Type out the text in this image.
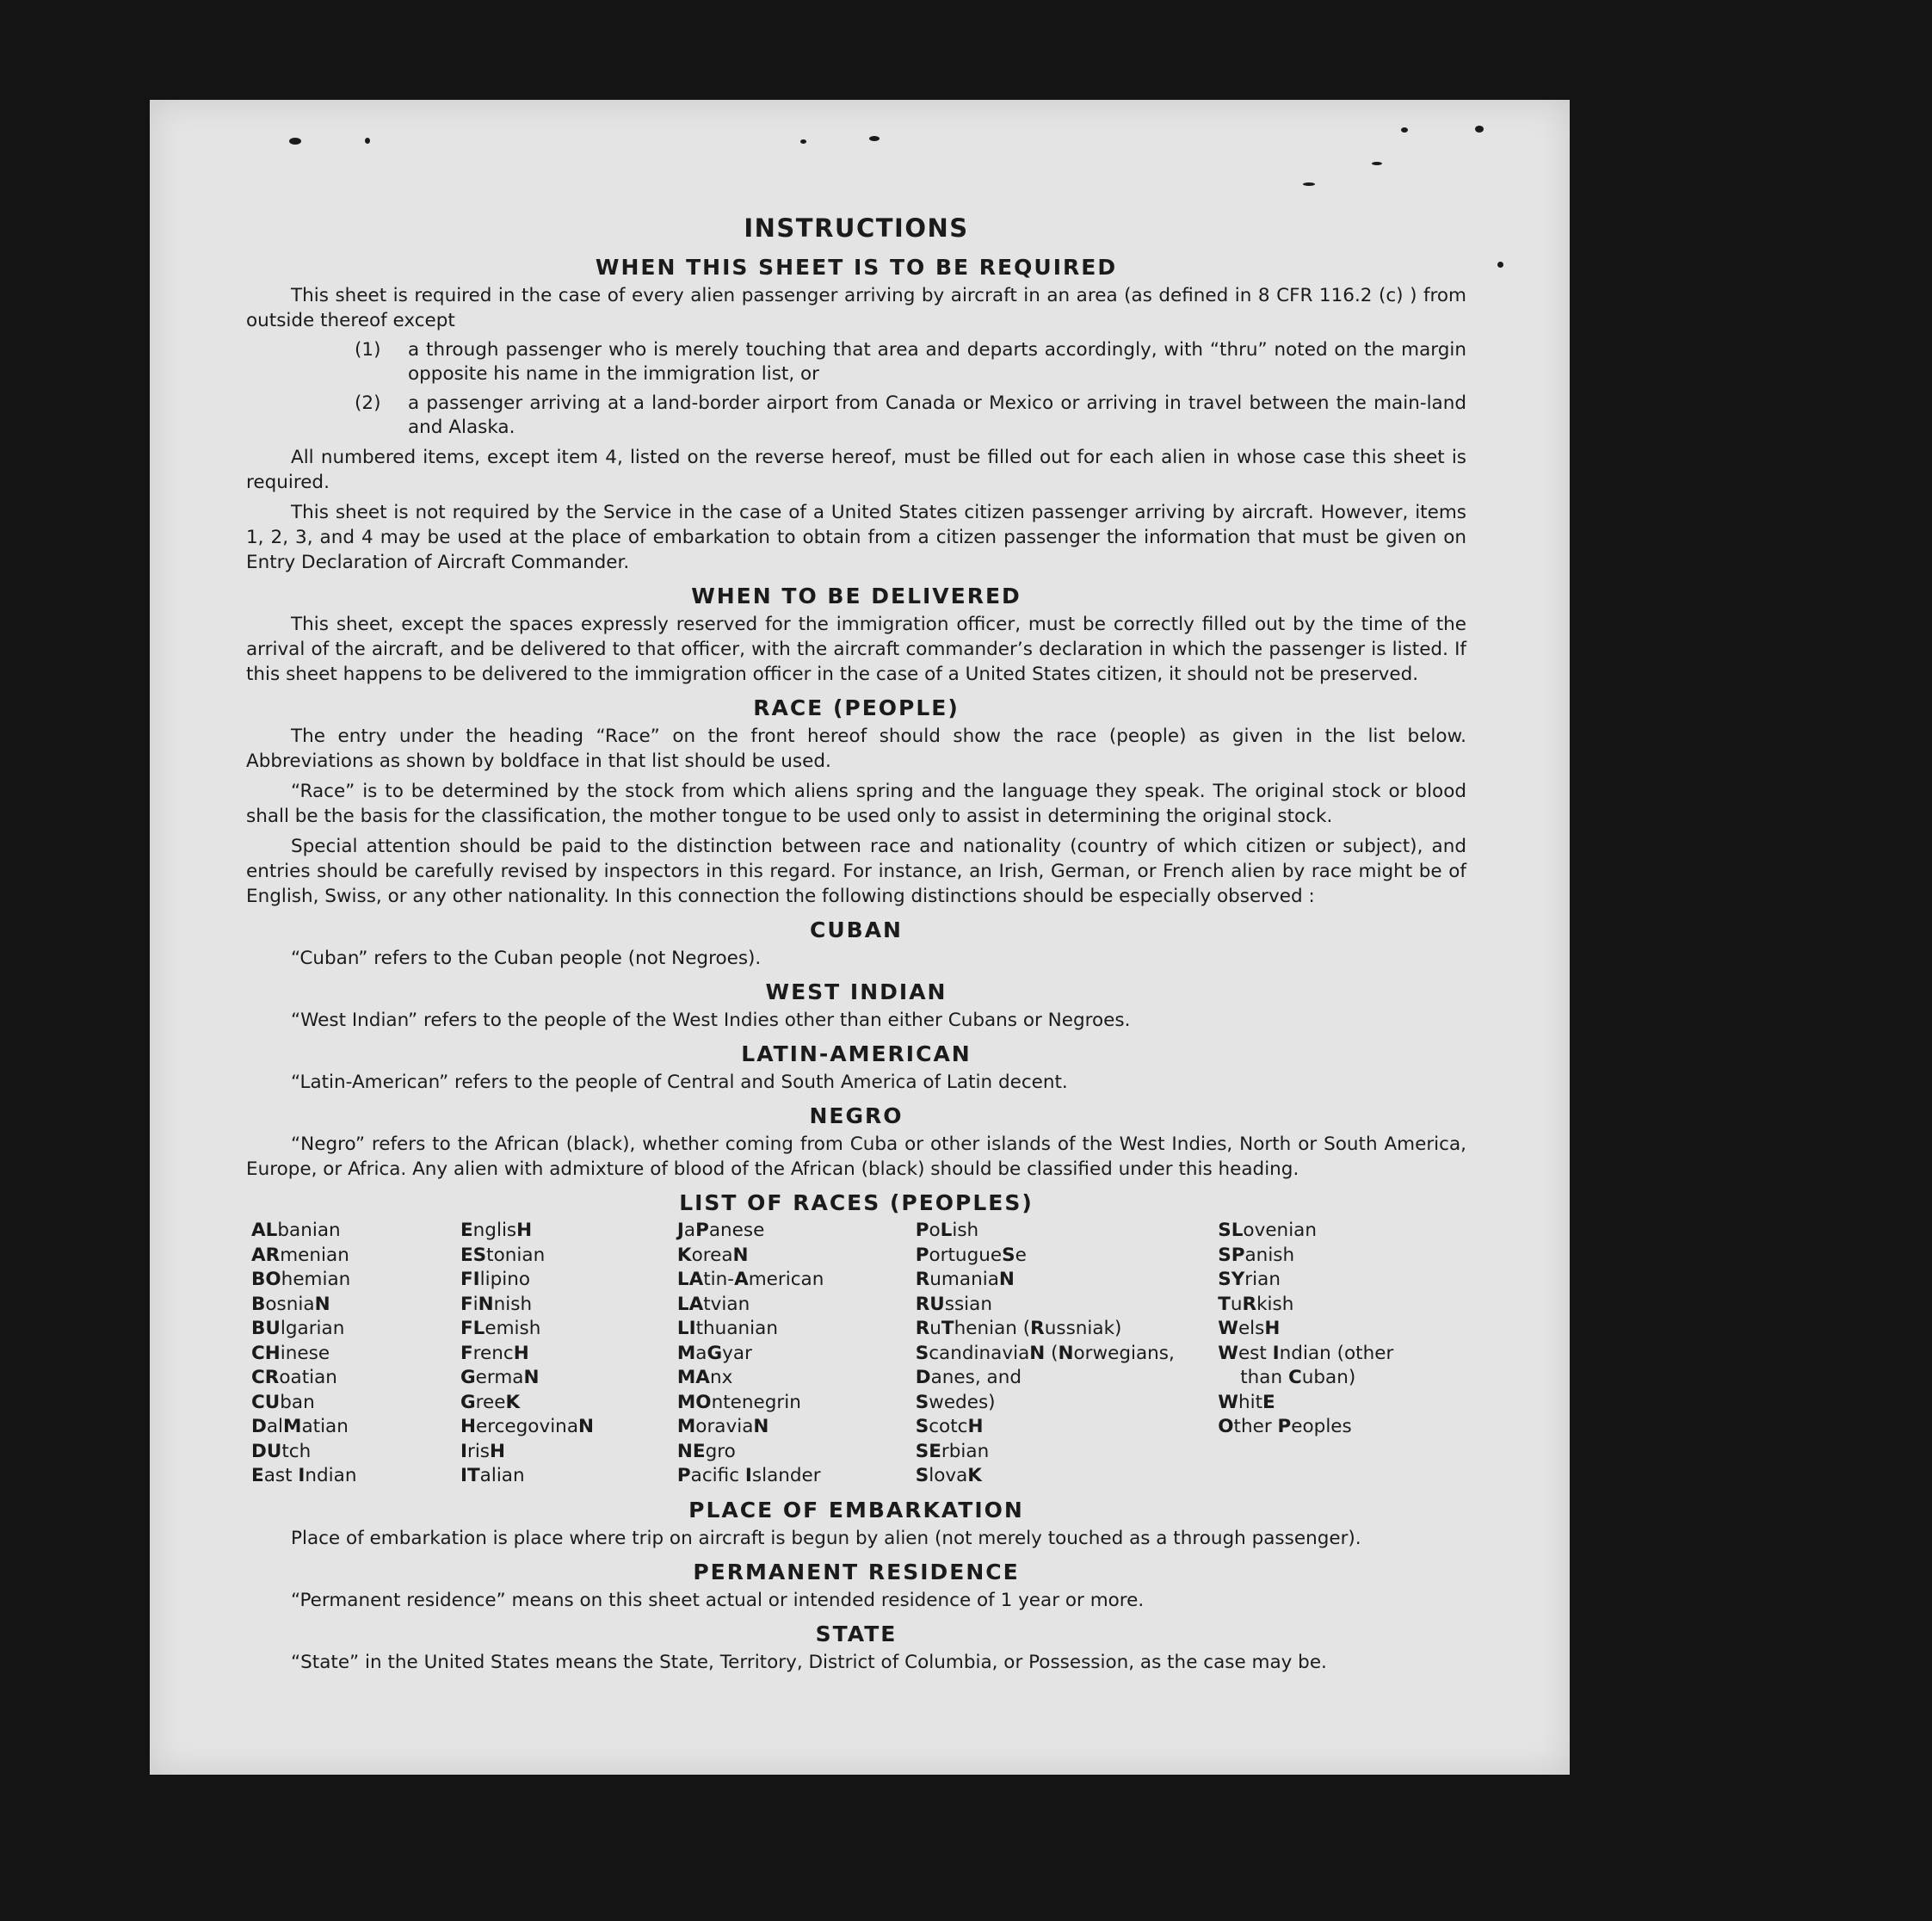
INSTRUCTIONS
WHEN THIS SHEET IS TO BE REQUIRED

This sheet is required in the case of every alien passenger arriving by aircraft in an area (as defined in 8 CFR 116.2 (c) ) from outside thereof except

(1)	a through passenger who is merely touching that area and departs accordingly, with “thru” noted on the margin opposite his name in the immigration list, or
(2)	a passenger arriving at a land-border airport from Canada or Mexico or arriving in travel between the main-land and Alaska.

All numbered items, except item 4, listed on the reverse hereof, must be filled out for each alien in whose case this sheet is required.

This sheet is not required by the Service in the case of a United States citizen passenger arriving by aircraft. However, items 1, 2, 3, and 4 may be used at the place of embarkation to obtain from a citizen passenger the information that must be given on Entry Declaration of Aircraft Commander.

WHEN TO BE DELIVERED

This sheet, except the spaces expressly reserved for the immigration officer, must be correctly filled out by the time of the arrival of the aircraft, and be delivered to that officer, with the aircraft commander’s declaration in which the passenger is listed. If this sheet happens to be delivered to the immigration officer in the case of a United States citizen, it should not be preserved.

RACE (PEOPLE)

The entry under the heading “Race” on the front hereof should show the race (people) as given in the list below. Abbreviations as shown by boldface in that list should be used.

“Race” is to be determined by the stock from which aliens spring and the language they speak. The original stock or blood shall be the basis for the classification, the mother tongue to be used only to assist in determining the original stock.

Special attention should be paid to the distinction between race and nationality (country of which citizen or subject), and entries should be carefully revised by inspectors in this regard. For instance, an Irish, German, or French alien by race might be of English, Swiss, or any other nationality. In this connection the following distinctions should be especially observed :

CUBAN

“Cuban” refers to the Cuban people (not Negroes).

WEST INDIAN

“West Indian” refers to the people of the West Indies other than either Cubans or Negroes.

LATIN-AMERICAN

“Latin-American” refers to the people of Central and South America of Latin decent.

NEGRO

“Negro” refers to the African (black), whether coming from Cuba or other islands of the West Indies, North or South America, Europe, or Africa. Any alien with admixture of blood of the African (black) should be classified under this heading.

LIST OF RACES (PEOPLES)
ALbanian
ARmenian
BOhemian
BosniaN
BUlgarian
CHinese
CRoatian
CUban
DalMatian
DUtch
East Indian
EnglisH
EStonian
FIlipino
FiNnish
FLemish
FrencH
GermaN
GreeK
HercegovinaN
IrisH
ITalian
JaPanese
KoreaN
LAtin-American
LAtvian
LIthuanian
MaGyar
MAnx
MOntenegrin
MoraviaN
NEgro
Pacifc Islander
PoLish
PortugueSe
RumaniaN
RUssian
RuThenian (Russniak)
ScandinaviaN (Norwegians,
Danes, and
Swedes)
ScotcH
SErbian
SlovaK
SLovenian
SPanish
SYrian
TuRkish
WelsH
West Indian (other
than Cuban)
WhitE
Other Peoples
PLACE OF EMBARKATION

Place of embarkation is place where trip on aircraft is begun by alien (not merely touched as a through passenger).

PERMANENT RESIDENCE

“Permanent residence” means on this sheet actual or intended residence of 1 year or more.

STATE

“State” in the United States means the State, Territory, District of Columbia, or Possession, as the case may be.
